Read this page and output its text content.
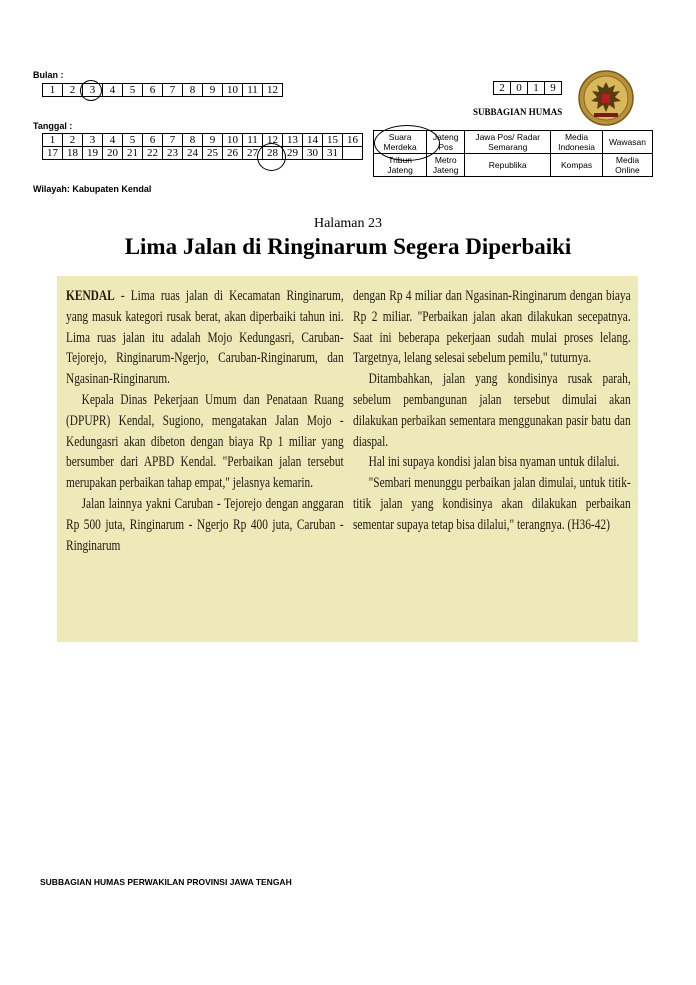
Bulan :
1	2	3	4	5	6	7	8	9	10	11	12	2	0	1	9
SUBBAGIAN HUMAS
Tanggal :
1	2	3	4	5	6	7	8	9	10	11	12	13	14	15	16
17	18	19	20	21	22	23	24	25	26	27	28	29	30	31	
Suara Merdeka	Jateng Pos	Jawa Pos/ Radar Semarang	Media Indonesia	Wawasan
Tribun Jateng	Metro Jateng	Republika	Kompas	Media Online
Wilayah: Kabupaten Kendal
Halaman 23
Lima Jalan di Ringinarum Segera Diperbaiki

KENDAL - Lima ruas jalan di Kecamatan Ringinarum, yang masuk kategori rusak berat, akan diperbaiki tahun ini. Lima ruas jalan itu adalah Mojo Kedungasri, Caruban-Tejorejo, Ringinarum-Ngerjo, Caruban-Ringinarum, dan Ngasinan-Ringinarum.

Kepala Dinas Pekerjaan Umum dan Penataan Ruang (DPUPR) Kendal, Sugiono, mengatakan Jalan Mojo - Kedungasri akan dibeton dengan biaya Rp 1 miliar yang bersumber dari APBD Kendal. "Perbaikan jalan tersebut merupakan perbaikan tahap empat," jelasnya kemarin.

Jalan lainnya yakni Caruban - Tejorejo dengan anggaran Rp 500 juta, Ringinarum - Ngerjo Rp 400 juta, Caruban - Ringinarum

dengan Rp 4 miliar dan Ngasinan-Ringinarum dengan biaya Rp 2 miliar. "Perbaikan jalan akan dilakukan secepatnya. Saat ini beberapa pekerjaan sudah mulai proses lelang. Targetnya, lelang selesai sebelum pemilu," tuturnya.

Ditambahkan, jalan yang kondisinya rusak parah, sebelum pembangunan jalan tersebut dimulai akan dilakukan perbaikan sementara menggunakan pasir batu dan diaspal.

Hal ini supaya kondisi jalan bisa nyaman untuk dilalui.

"Sembari menunggu perbaikan jalan dimulai, untuk titik-titik jalan yang kondisinya akan dilakukan perbaikan sementar supaya tetap bisa dilalui," terangnya. (H36-42)

SUBBAGIAN HUMAS PERWAKILAN PROVINSI JAWA TENGAH
